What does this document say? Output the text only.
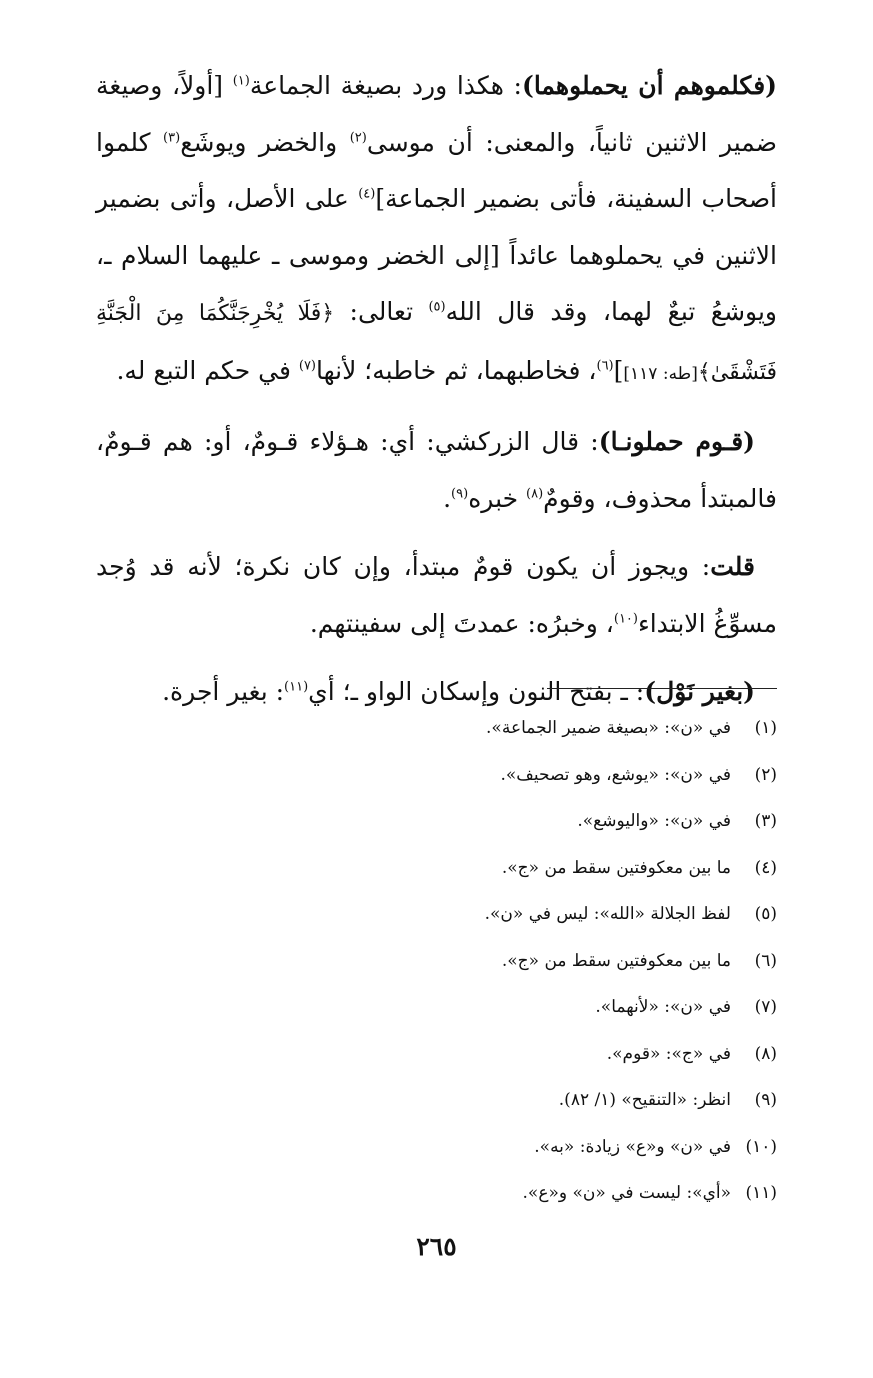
(فكلموهم أن يحملوهما): هكذا ورد بصيغة الجماعة$^{(١)}$ [أولاً، وصيغة ضمير الاثنين ثانياً، والمعنى: أن موسى$^{(٢)}$ والخضر ويوشَع$^{(٣)}$ كلموا أصحاب السفينة، فأتى بضمير الجماعة]$^{(٤)}$ على الأصل، وأتى بضمير الاثنين في يحملوهما عائداً [إلى الخضر وموسى ـ عليهما السلام ـ، ويوشعُ تبعٌ لهما، وقد قال الله$^{(٥)}$ تعالى: ﴿فَلَا يُخْرِجَنَّكُمَا مِنَ الْجَنَّةِ فَتَشْقَىٰ﴾[طه: ١١٧]]$^{(٦)}$، فخاطبهما، ثم خاطبه؛ لأنها$^{(٧)}$ في حكم التبع له.

(قـوم حملونـا): قال الزركشي: أي: هـؤلاء قـومٌ، أو: هم قـومٌ، فالمبتدأ محذوف، وقومٌ$^{(٨)}$ خبره$^{(٩)}$.

قلت: ويجوز أن يكون قومٌ مبتدأ، وإن كان نكرة؛ لأنه قد وُجد مسوِّغُ الابتداء$^{(١٠)}$، وخبرُه: عمدتَ إلى سفينتهم.

(بغير نَوْل): ـ بفتح النون وإسكان الواو ـ؛ أي$^{(١١)}$: بغير أجرة.

(١)في «ن»: «بصيغة ضمير الجماعة».
(٢)في «ن»: «يوشع، وهو تصحيف».
(٣)في «ن»: «واليوشع».
(٤)ما بين معكوفتين سقط من «ج».
(٥)لفظ الجلالة «الله»: ليس في «ن».
(٦)ما بين معكوفتين سقط من «ج».
(٧)في «ن»: «لأنهما».
(٨)في «ج»: «قوم».
(٩)انظر: «التنقيح» (١/ ٨٢).
(١٠)في «ن» و«ع» زيادة: «به».
(١١)«أي»: ليست في «ن» و«ع».
٢٦٥
